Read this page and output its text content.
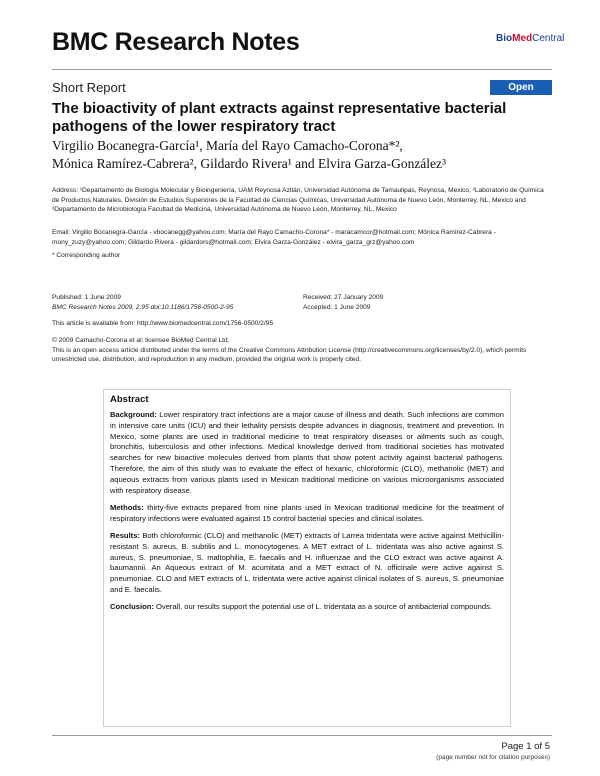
BMC Research Notes	BioMedCentral
Short Report	Open Access
The bioactivity of plant extracts against representative bacterial pathogens of the lower respiratory tract
Virgilio Bocanegra-García¹, María del Rayo Camacho-Corona*²,
Mónica Ramírez-Cabrera², Gildardo Rivera¹ and Elvira Garza-González³
Address: ¹Departamento de Biología Molecular y Bioingeniería, UAM Reynosa Aztlán, Universidad Autónoma de Tamaulipas, Reynosa, Mexico, ²Laboratorio de Química de Productos Naturales, División de Estudios Superiores de la Facultad de Ciencias Químicas, Universidad Autónoma de Nuevo León, Monterrey, NL, Mexico and ³Departamento de Microbiología Facultad de Medicina, Universidad Autónoma de Nuevo León, Monterrey, NL, Mexico
Email: Virgilio Bocanegra-García - vbocanegg@yahoo.com; María del Rayo Camacho-Corona* - maracamcor@hotmail.com; Mónica Ramírez-Cabrera - mony_zuzy@yahoo.com; Gildardo Rivera - gildardors@hotmail.com; Elvira Garza-González - elvira_garza_grz@yahoo.com
* Corresponding author
Published: 1 June 2009
BMC Research Notes 2009, 2:95 doi:10.1186/1756-0500-2-95
Received: 27 January 2009
Accepted: 1 June 2009
This article is available from: http://www.biomedcentral.com/1756-0500/2/95
© 2009 Camacho-Corona et al; licensee BioMed Central Ltd.
This is an open access article distributed under the terms of the Creative Commons Attribution License (http://creativecommons.org/licenses/by/2.0), which permits unrestricted use, distribution, and reproduction in any medium, provided the original work is properly cited.
Abstract

Background: Lower respiratory tract infections are a major cause of illness and death. Such infections are common in intensive care units (ICU) and their lethality persists despite advances in diagnosis, treatment and prevention. In Mexico, some plants are used in traditional medicine to treat respiratory diseases or ailments such as cough, bronchitis, tuberculosis and other infections. Medical knowledge derived from traditional societies has motivated searches for new bioactive molecules derived from plants that show potent activity against bacterial pathogens. Therefore, the aim of this study was to evaluate the effect of hexanic, chloroformic (CLO), methanolic (MET) and aqueous extracts from various plants used in Mexican traditional medicine on various microorganisms associated with respiratory disease.

Methods: thirty-five extracts prepared from nine plants used in Mexican traditional medicine for the treatment of respiratory infections were evaluated against 15 control bacterial species and clinical isolates.

Results: Both chloroformic (CLO) and methanolic (MET) extracts of Larrea tridentata were active against Methicillin-resistant S. aureus, B. subtilis and L. monocytogenes. A MET extract of L. tridentata was also active against S. aureus, S. pneumoniae, S. maltophilia, E. faecalis and H. influenzae and the CLO extract was active against A. baumannii. An Aqueous extract of M. acumitata and a MET extract of N. officinale were active against S. pneumoniae. CLO and MET extracts of L. tridentata were active against clinical isolates of S. aureus, S. pneumoniae and E. faecalis.

Conclusion: Overall, our results support the potential use of L. tridentata as a source of antibacterial compounds.

Page 1 of 5
(page number not for citation purposes)
